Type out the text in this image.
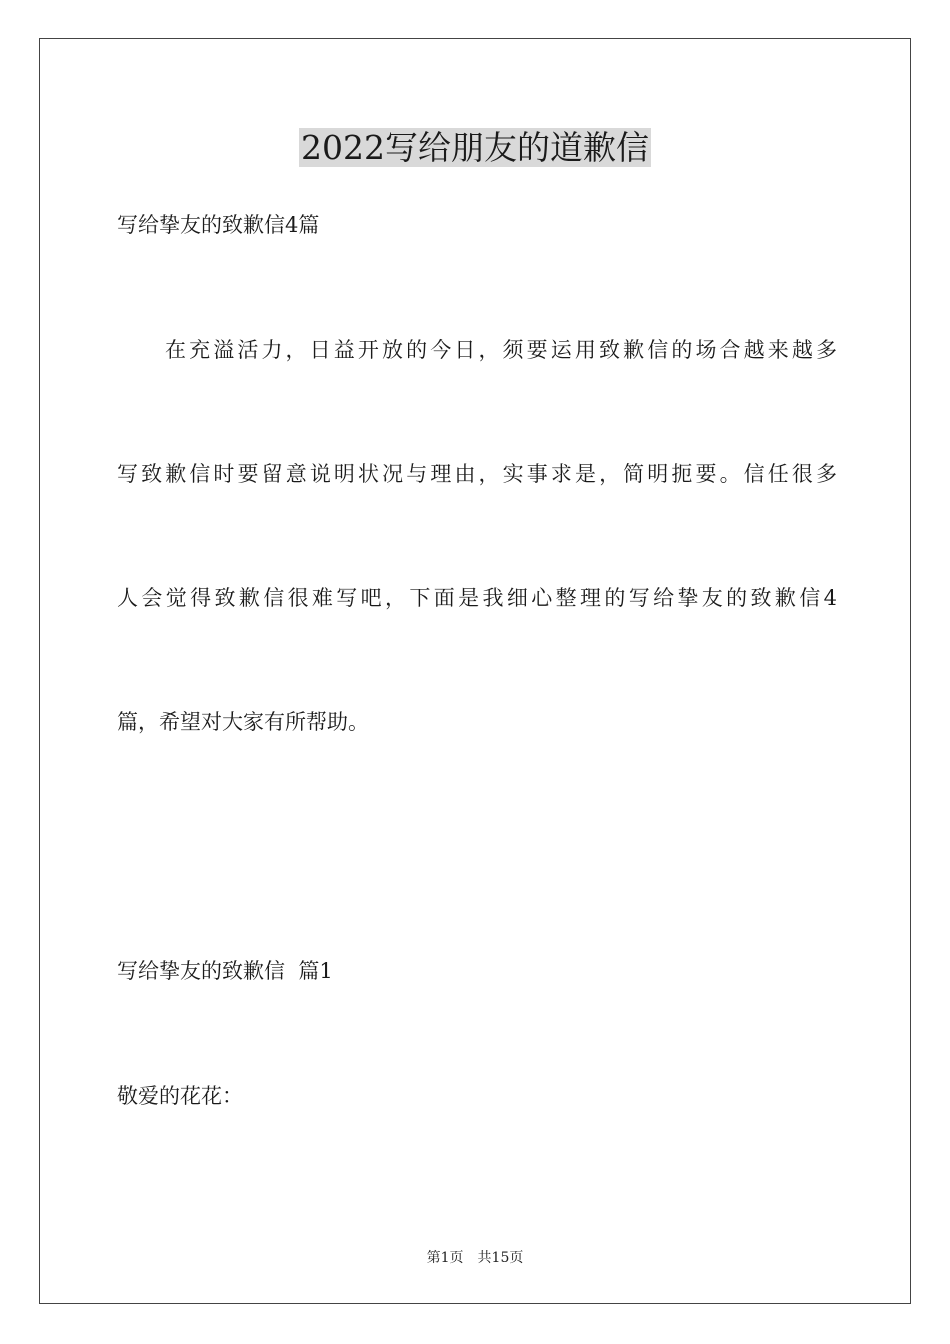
2022写给朋友的道歉信

写给挚友的致歉信4篇

在充溢活力，日益开放的今日，须要运用致歉信的场合越来越多

写致歉信时要留意说明状况与理由，实事求是，简明扼要。信任很多

人会觉得致歉信很难写吧，下面是我细心整理的写给挚友的致歉信4

篇，希望对大家有所帮助。

写给挚友的致歉信  篇1

敬爱的花花：

第1页 共15页
